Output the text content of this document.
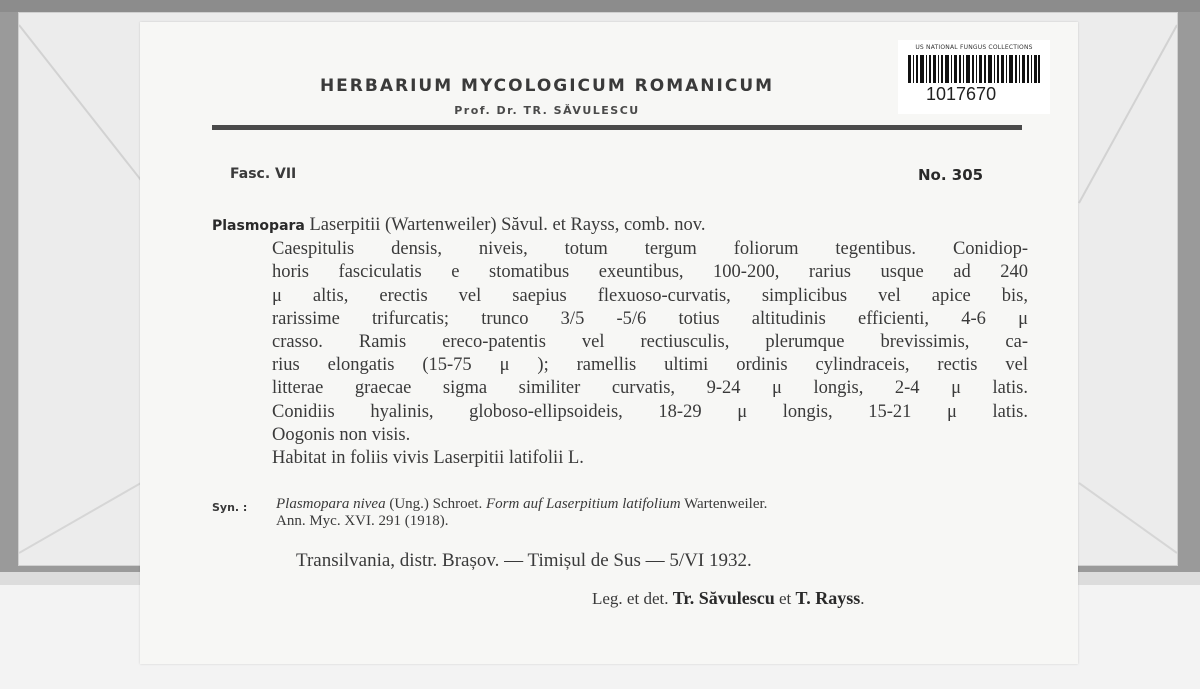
HERBARIUM MYCOLOGICUM ROMANICUM
Prof. Dr. TR. SĂVULESCU
US NATIONAL FUNGUS COLLECTIONS
1017670
Fasc. VII	No. 305
Plasmopara Laserpitii (Wartenweiler) Săvul. et Rayss, comb. nov.
Caespitulis densis, niveis, totum tergum foliorum tegentibus. Conidiop-
horis fasciculatis e stomatibus exeuntibus, 100-200, rarius usque ad 240
μ altis, erectis vel saepius flexuoso-curvatis, simplicibus vel apice bis,
rarissime trifurcatis; trunco 3/5 -5/6 totius altitudinis efficienti, 4-6 μ
crasso. Ramis ereco-patentis vel rectiusculis, plerumque brevissimis, ca-
rius elongatis (15-75 μ ); ramellis ultimi ordinis cylindraceis, rectis vel
litterae graecae sigma similiter curvatis, 9-24 μ longis, 2-4 μ latis.
Conidiis hyalinis, globoso-ellipsoideis, 18-29 μ longis, 15-21 μ latis.
Oogonis non visis.
Habitat in foliis vivis Laserpitii latifolii L.
Syn. : Plasmopara nivea (Ung.) Schroet. Form auf Laserpitium latifolium Wartenweiler.
Ann. Myc. XVI. 291 (1918).
Transilvania, distr. Brașov. — Timișul de Sus — 5/VI 1932.
Leg. et det. Tr. Săvulescu et T. Rayss.
